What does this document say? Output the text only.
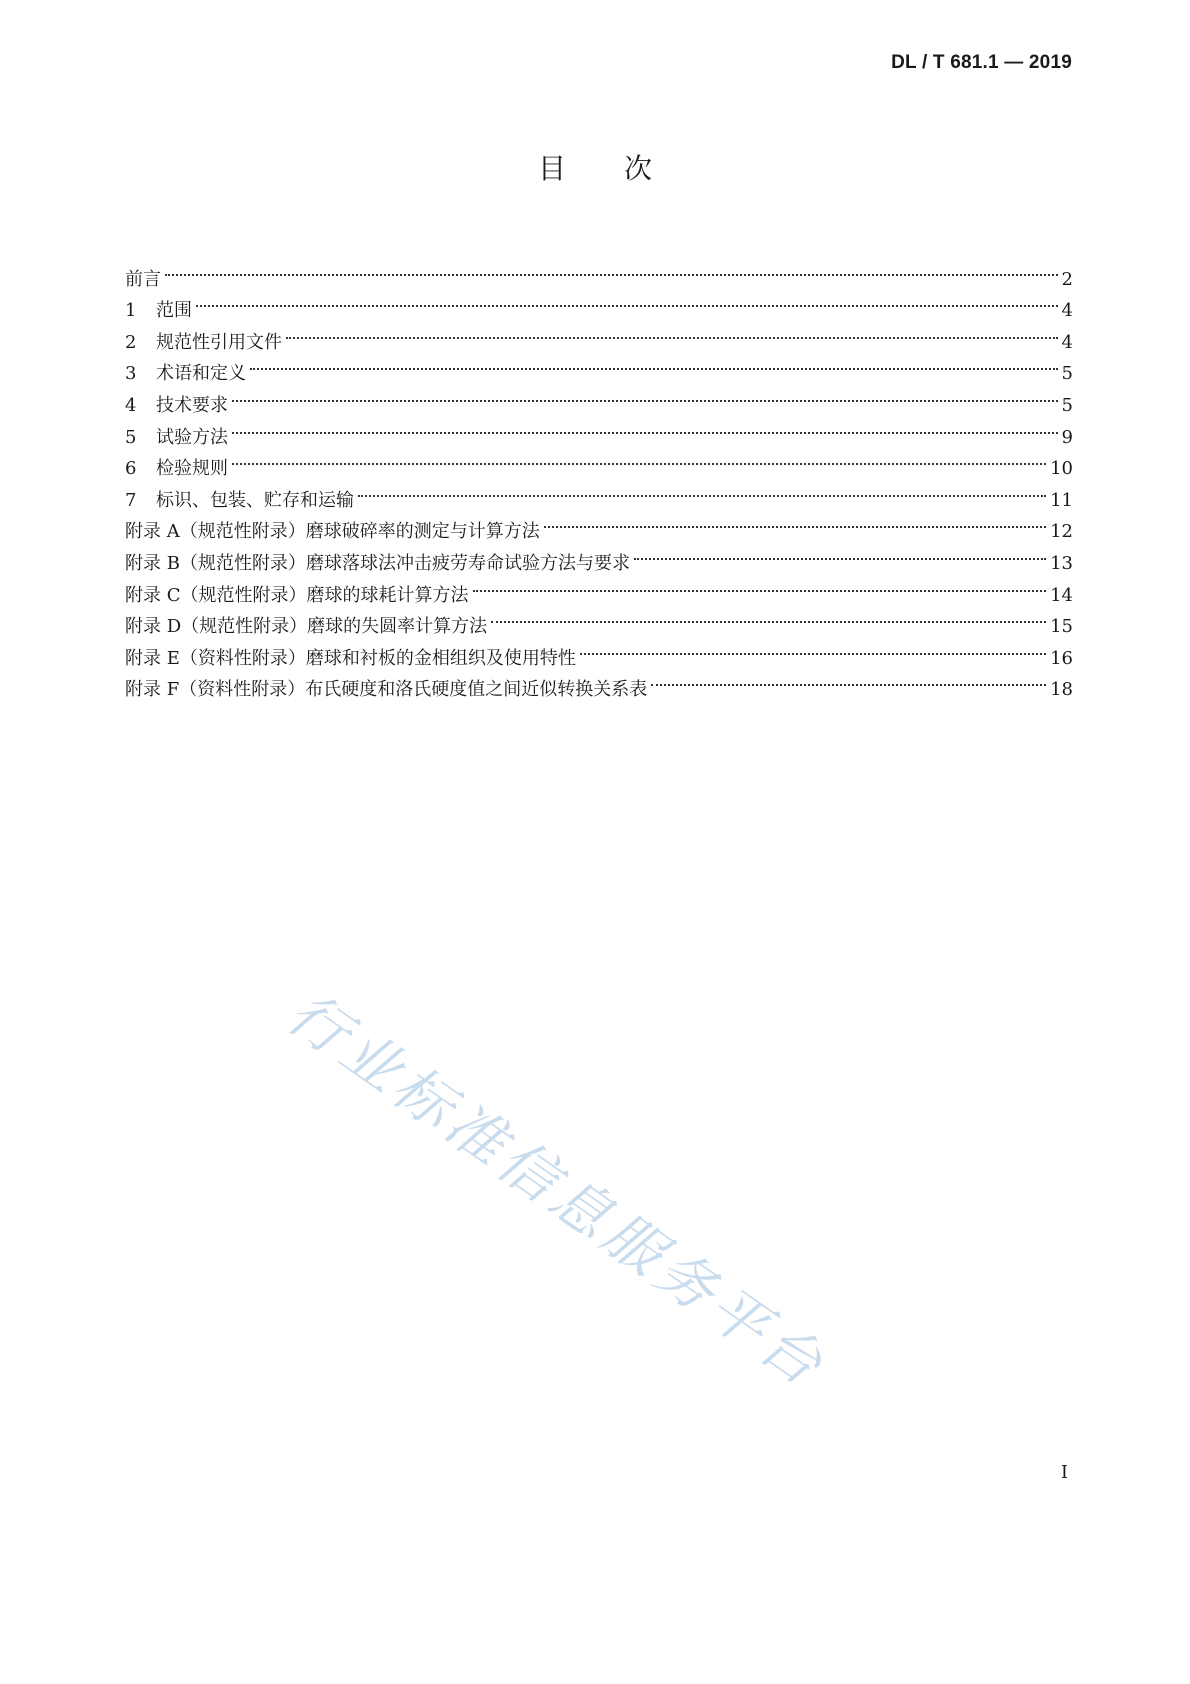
DL / T 681.1 — 2019
目次
前言	2
1	范围	4
2	规范性引用文件	4
3	术语和定义	5
4	技术要求	5
5	试验方法	9
6	检验规则	10
7	标识、包装、贮存和运输	11
附录 A（规范性附录）磨球破碎率的测定与计算方法	12
附录 B（规范性附录）磨球落球法冲击疲劳寿命试验方法与要求	13
附录 C（规范性附录）磨球的球耗计算方法	14
附录 D（规范性附录）磨球的失圆率计算方法	15
附录 E（资料性附录）磨球和衬板的金相组织及使用特性	16
附录 F（资料性附录）布氏硬度和洛氏硬度值之间近似转换关系表	18
行业标准信息服务平台
I
